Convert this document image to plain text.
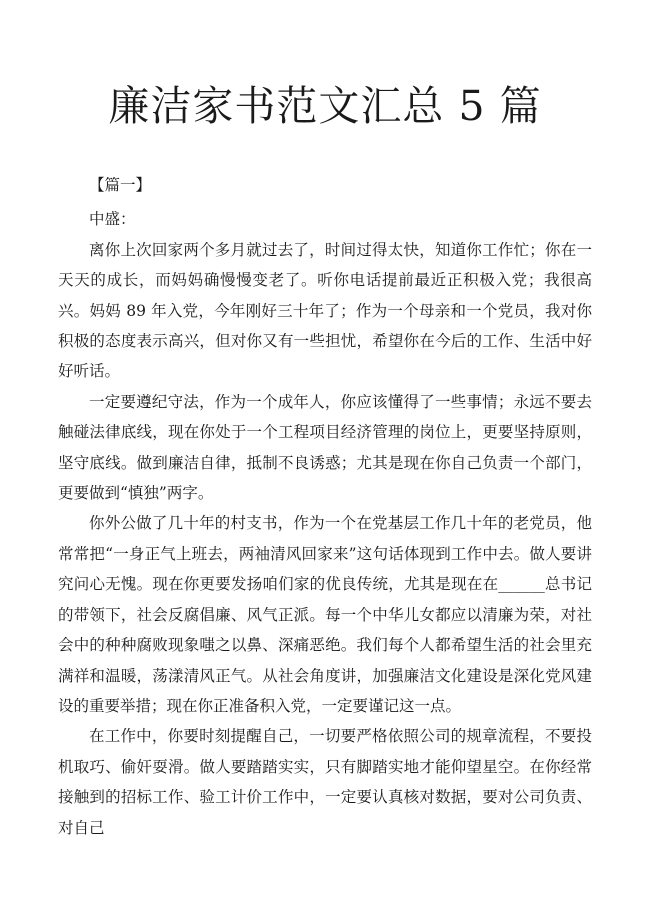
廉洁家书范文汇总 5 篇
【篇一】
中盛：

离你上次回家两个多月就过去了，时间过得太快，知道你工作忙；你在一天天的成长，而妈妈确慢慢变老了。听你电话提前最近正积极入党；我很高兴。妈妈 89 年入党，今年刚好三十年了；作为一个母亲和一个党员，我对你积极的态度表示高兴，但对你又有一些担忧，希望你在今后的工作、生活中好好听话。

一定要遵纪守法，作为一个成年人，你应该懂得了一些事情；永远不要去触碰法律底线，现在你处于一个工程项目经济管理的岗位上，更要坚持原则，坚守底线。做到廉洁自律，抵制不良诱惑；尤其是现在你自己负责一个部门，更要做到“慎独”两字。

你外公做了几十年的村支书，作为一个在党基层工作几十年的老党员，他常常把“一身正气上班去，两袖清风回家来”这句话体现到工作中去。做人要讲究问心无愧。现在你更要发扬咱们家的优良传统，尤其是现在在______总书记的带领下，社会反腐倡廉、风气正派。每一个中华儿女都应以清廉为荣，对社会中的种种腐败现象嗤之以鼻、深痛恶绝。我们每个人都希望生活的社会里充满祥和温暖，荡漾清风正气。从社会角度讲，加强廉洁文化建设是深化党风建设的重要举措；现在你正准备积入党，一定要谨记这一点。

在工作中，你要时刻提醒自己，一切要严格依照公司的规章流程，不要投机取巧、偷奸耍滑。做人要踏踏实实，只有脚踏实地才能仰望星空。在你经常接触到的招标工作、验工计价工作中，一定要认真核对数据，要对公司负责、对自己
